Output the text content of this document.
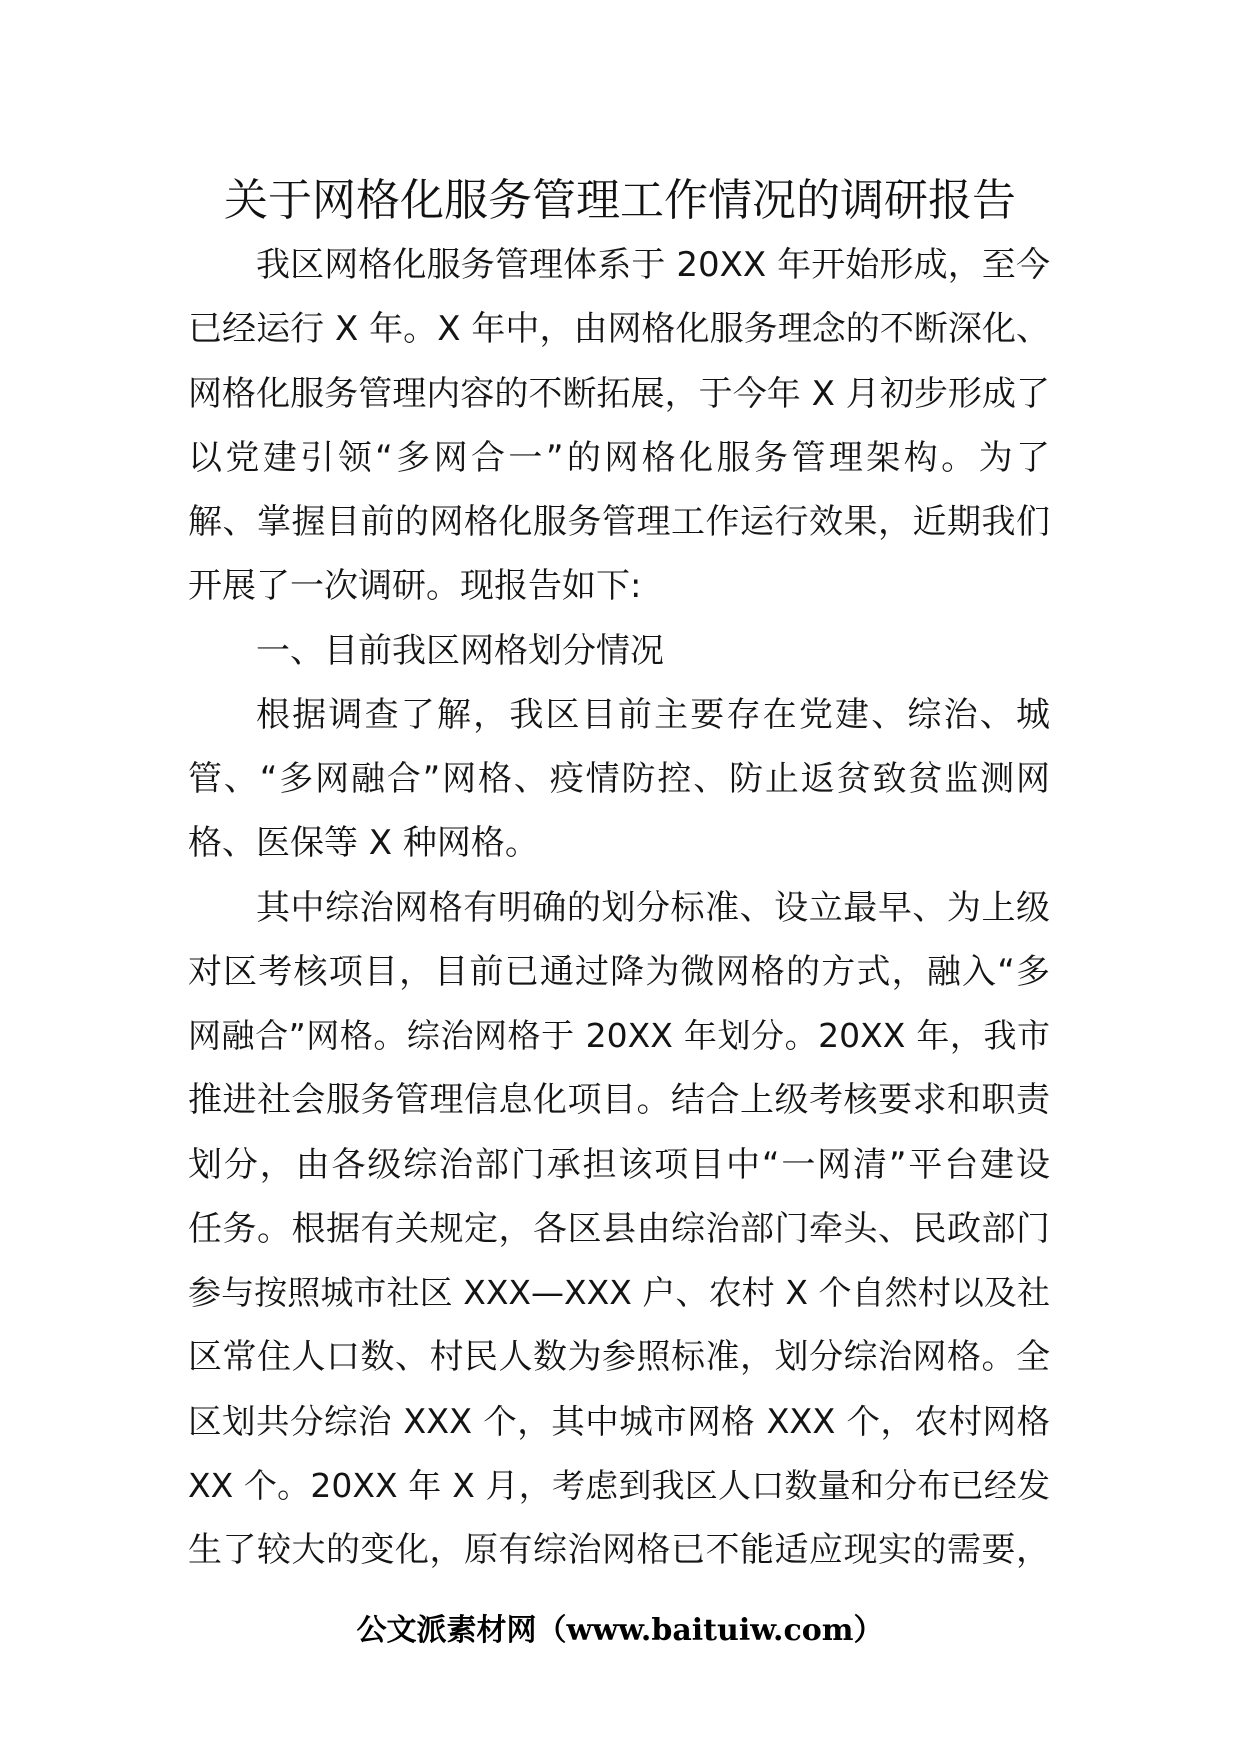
关于网格化服务管理工作情况的调研报告
我区网格化服务管理体系于 20XX 年开始形成，至今
已经运行 X 年。X 年中，由网格化服务理念的不断深化、
网格化服务管理内容的不断拓展，于今年 X 月初步形成了
以党建引领“多网合一”的网格化服务管理架构。为了
解、掌握目前的网格化服务管理工作运行效果，近期我们
开展了一次调研。现报告如下:
一、目前我区网格划分情况
根据调查了解，我区目前主要存在党建、综治、城
管、“多网融合”网格、疫情防控、防止返贫致贫监测网
格、医保等 X 种网格。
其中综治网格有明确的划分标准、设立最早、为上级
对区考核项目，目前已通过降为微网格的方式，融入“多
网融合”网格。综治网格于 20XX 年划分。20XX 年，我市
推进社会服务管理信息化项目。结合上级考核要求和职责
划分，由各级综治部门承担该项目中“一网清”平台建设
任务。根据有关规定，各区县由综治部门牵头、民政部门
参与按照城市社区 XXX—XXX 户、农村 X 个自然村以及社
区常住人口数、村民人数为参照标准，划分综治网格。全
区划共分综治 XXX 个，其中城市网格 XXX 个，农村网格
XX 个。20XX 年 X 月，考虑到我区人口数量和分布已经发
生了较大的变化，原有综治网格已不能适应现实的需要，
公文派素材网（www.baituiw.com）
